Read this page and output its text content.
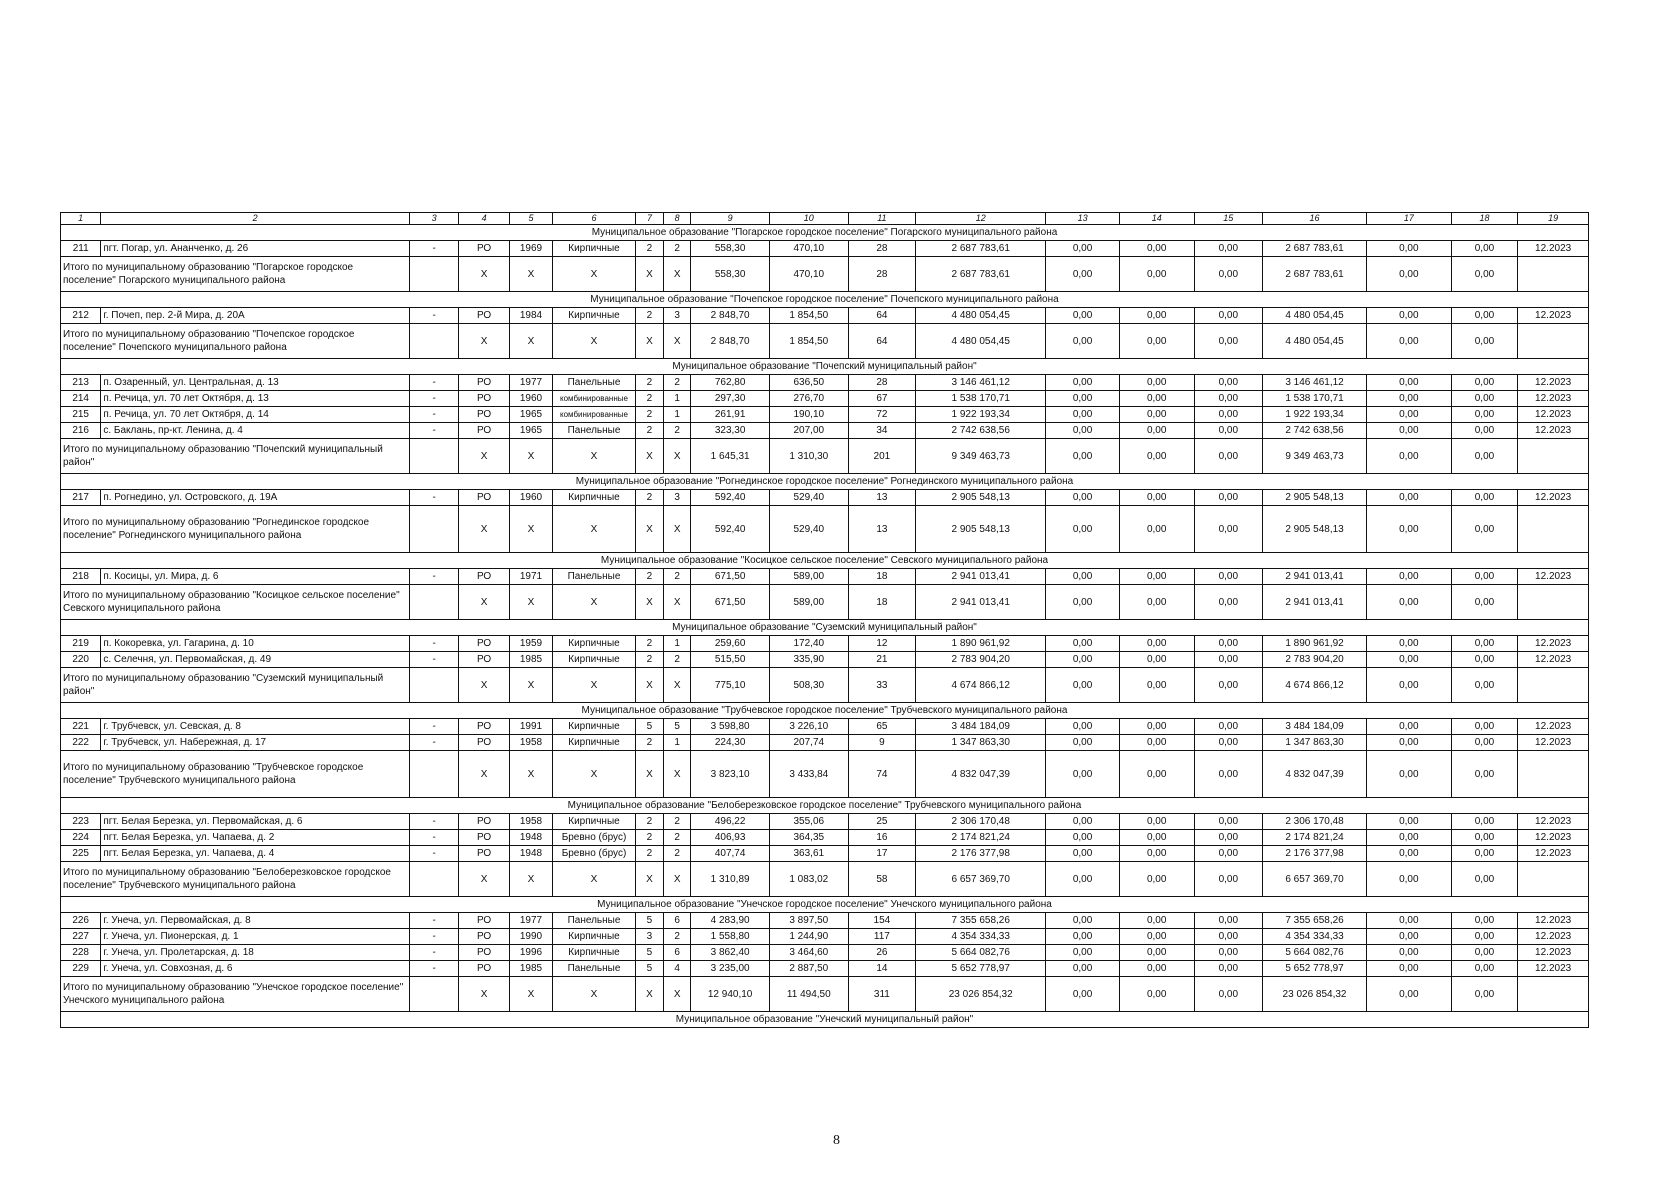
1	2	3	4	5	6	7	8	9	10	11	12	13	14	15	16	17	18	19
Муниципальное образование "Погарское городское поселение" Погарского муниципального района																		
211	пгт. Погар, ул. Ананченко, д. 26	-	РО	1969	Кирпичные	2	2	558,30	470,10	28	2 687 783,61	0,00	0,00	0,00	2 687 783,61	0,00	0,00	12.2023
Итого по муниципальному образованию "Погарское городское поселение" Погарского муниципального района			X	X	X	X	X	558,30	470,10	28	2 687 783,61	0,00	0,00	0,00	2 687 783,61	0,00	0,00	
Муниципальное образование "Почепское городское поселение" Почепского муниципального района																		
212	г. Почеп, пер. 2-й Мира, д. 20А	-	РО	1984	Кирпичные	2	3	2 848,70	1 854,50	64	4 480 054,45	0,00	0,00	0,00	4 480 054,45	0,00	0,00	12.2023
Итого по муниципальному образованию "Почепское городское поселение" Почепского муниципального района			X	X	X	X	X	2 848,70	1 854,50	64	4 480 054,45	0,00	0,00	0,00	4 480 054,45	0,00	0,00	
Муниципальное образование "Почепский муниципальный район"																		
213	п. Озаренный, ул. Центральная, д. 13	-	РО	1977	Панельные	2	2	762,80	636,50	28	3 146 461,12	0,00	0,00	0,00	3 146 461,12	0,00	0,00	12.2023
214	п. Речица, ул. 70 лет Октября, д. 13	-	РО	1960	комбинированные	2	1	297,30	276,70	67	1 538 170,71	0,00	0,00	0,00	1 538 170,71	0,00	0,00	12.2023
215	п. Речица, ул. 70 лет Октября, д. 14	-	РО	1965	комбинированные	2	1	261,91	190,10	72	1 922 193,34	0,00	0,00	0,00	1 922 193,34	0,00	0,00	12.2023
216	с. Баклань, пр-кт. Ленина, д. 4	-	РО	1965	Панельные	2	2	323,30	207,00	34	2 742 638,56	0,00	0,00	0,00	2 742 638,56	0,00	0,00	12.2023
Итого по муниципальному образованию "Почепский муниципальный район"			X	X	X	X	X	1 645,31	1 310,30	201	9 349 463,73	0,00	0,00	0,00	9 349 463,73	0,00	0,00	
Муниципальное образование "Рогнединское городское поселение" Рогнединского муниципального района																		
217	п. Рогнедино, ул. Островского, д. 19А	-	РО	1960	Кирпичные	2	3	592,40	529,40	13	2 905 548,13	0,00	0,00	0,00	2 905 548,13	0,00	0,00	12.2023
Итого по муниципальному образованию "Рогнединское городское поселение" Рогнединского муниципального района			X	X	X	X	X	592,40	529,40	13	2 905 548,13	0,00	0,00	0,00	2 905 548,13	0,00	0,00	
Муниципальное образование "Косицкое сельское поселение" Севского муниципального района																		
218	п. Косицы, ул. Мира, д. 6	-	РО	1971	Панельные	2	2	671,50	589,00	18	2 941 013,41	0,00	0,00	0,00	2 941 013,41	0,00	0,00	12.2023
Итого по муниципальному образованию "Косицкое сельское поселение" Севского муниципального района			X	X	X	X	X	671,50	589,00	18	2 941 013,41	0,00	0,00	0,00	2 941 013,41	0,00	0,00	
Муниципальное образование "Суземский муниципальный район"																		
219	п. Кокоревка, ул. Гагарина, д. 10	-	РО	1959	Кирпичные	2	1	259,60	172,40	12	1 890 961,92	0,00	0,00	0,00	1 890 961,92	0,00	0,00	12.2023
220	с. Селечня, ул. Первомайская, д. 49	-	РО	1985	Кирпичные	2	2	515,50	335,90	21	2 783 904,20	0,00	0,00	0,00	2 783 904,20	0,00	0,00	12.2023
Итого по муниципальному образованию "Суземский муниципальный район"			X	X	X	X	X	775,10	508,30	33	4 674 866,12	0,00	0,00	0,00	4 674 866,12	0,00	0,00	
Муниципальное образование "Трубчевское городское поселение" Трубчевского муниципального района																		
221	г. Трубчевск, ул. Севская, д. 8	-	РО	1991	Кирпичные	5	5	3 598,80	3 226,10	65	3 484 184,09	0,00	0,00	0,00	3 484 184,09	0,00	0,00	12.2023
222	г. Трубчевск, ул. Набережная, д. 17	-	РО	1958	Кирпичные	2	1	224,30	207,74	9	1 347 863,30	0,00	0,00	0,00	1 347 863,30	0,00	0,00	12.2023
Итого по муниципальному образованию "Трубчевское городское поселение" Трубчевского муниципального района			X	X	X	X	X	3 823,10	3 433,84	74	4 832 047,39	0,00	0,00	0,00	4 832 047,39	0,00	0,00	
Муниципальное образование "Белоберезковское городское поселение" Трубчевского муниципального района																		
223	пгт. Белая Березка, ул. Первомайская, д. 6	-	РО	1958	Кирпичные	2	2	496,22	355,06	25	2 306 170,48	0,00	0,00	0,00	2 306 170,48	0,00	0,00	12.2023
224	пгт. Белая Березка, ул. Чапаева, д. 2	-	РО	1948	Бревно (брус)	2	2	406,93	364,35	16	2 174 821,24	0,00	0,00	0,00	2 174 821,24	0,00	0,00	12.2023
225	пгт. Белая Березка, ул. Чапаева, д. 4	-	РО	1948	Бревно (брус)	2	2	407,74	363,61	17	2 176 377,98	0,00	0,00	0,00	2 176 377,98	0,00	0,00	12.2023
Итого по муниципальному образованию "Белоберезковское городское поселение" Трубчевского муниципального района			X	X	X	X	X	1 310,89	1 083,02	58	6 657 369,70	0,00	0,00	0,00	6 657 369,70	0,00	0,00	
Муниципальное образование "Унечское городское поселение" Унечского муниципального района																		
226	г. Унеча, ул. Первомайская, д. 8	-	РО	1977	Панельные	5	6	4 283,90	3 897,50	154	7 355 658,26	0,00	0,00	0,00	7 355 658,26	0,00	0,00	12.2023
227	г. Унеча, ул. Пионерская, д. 1	-	РО	1990	Кирпичные	3	2	1 558,80	1 244,90	117	4 354 334,33	0,00	0,00	0,00	4 354 334,33	0,00	0,00	12.2023
228	г. Унеча, ул. Пролетарская, д. 18	-	РО	1996	Кирпичные	5	6	3 862,40	3 464,60	26	5 664 082,76	0,00	0,00	0,00	5 664 082,76	0,00	0,00	12.2023
229	г. Унеча, ул. Совхозная, д. 6	-	РО	1985	Панельные	5	4	3 235,00	2 887,50	14	5 652 778,97	0,00	0,00	0,00	5 652 778,97	0,00	0,00	12.2023
Итого по муниципальному образованию "Унечское городское поселение" Унечского муниципального района			X	X	X	X	X	12 940,10	11 494,50	311	23 026 854,32	0,00	0,00	0,00	23 026 854,32	0,00	0,00	
Муниципальное образование "Унечский муниципальный район"																		
8
